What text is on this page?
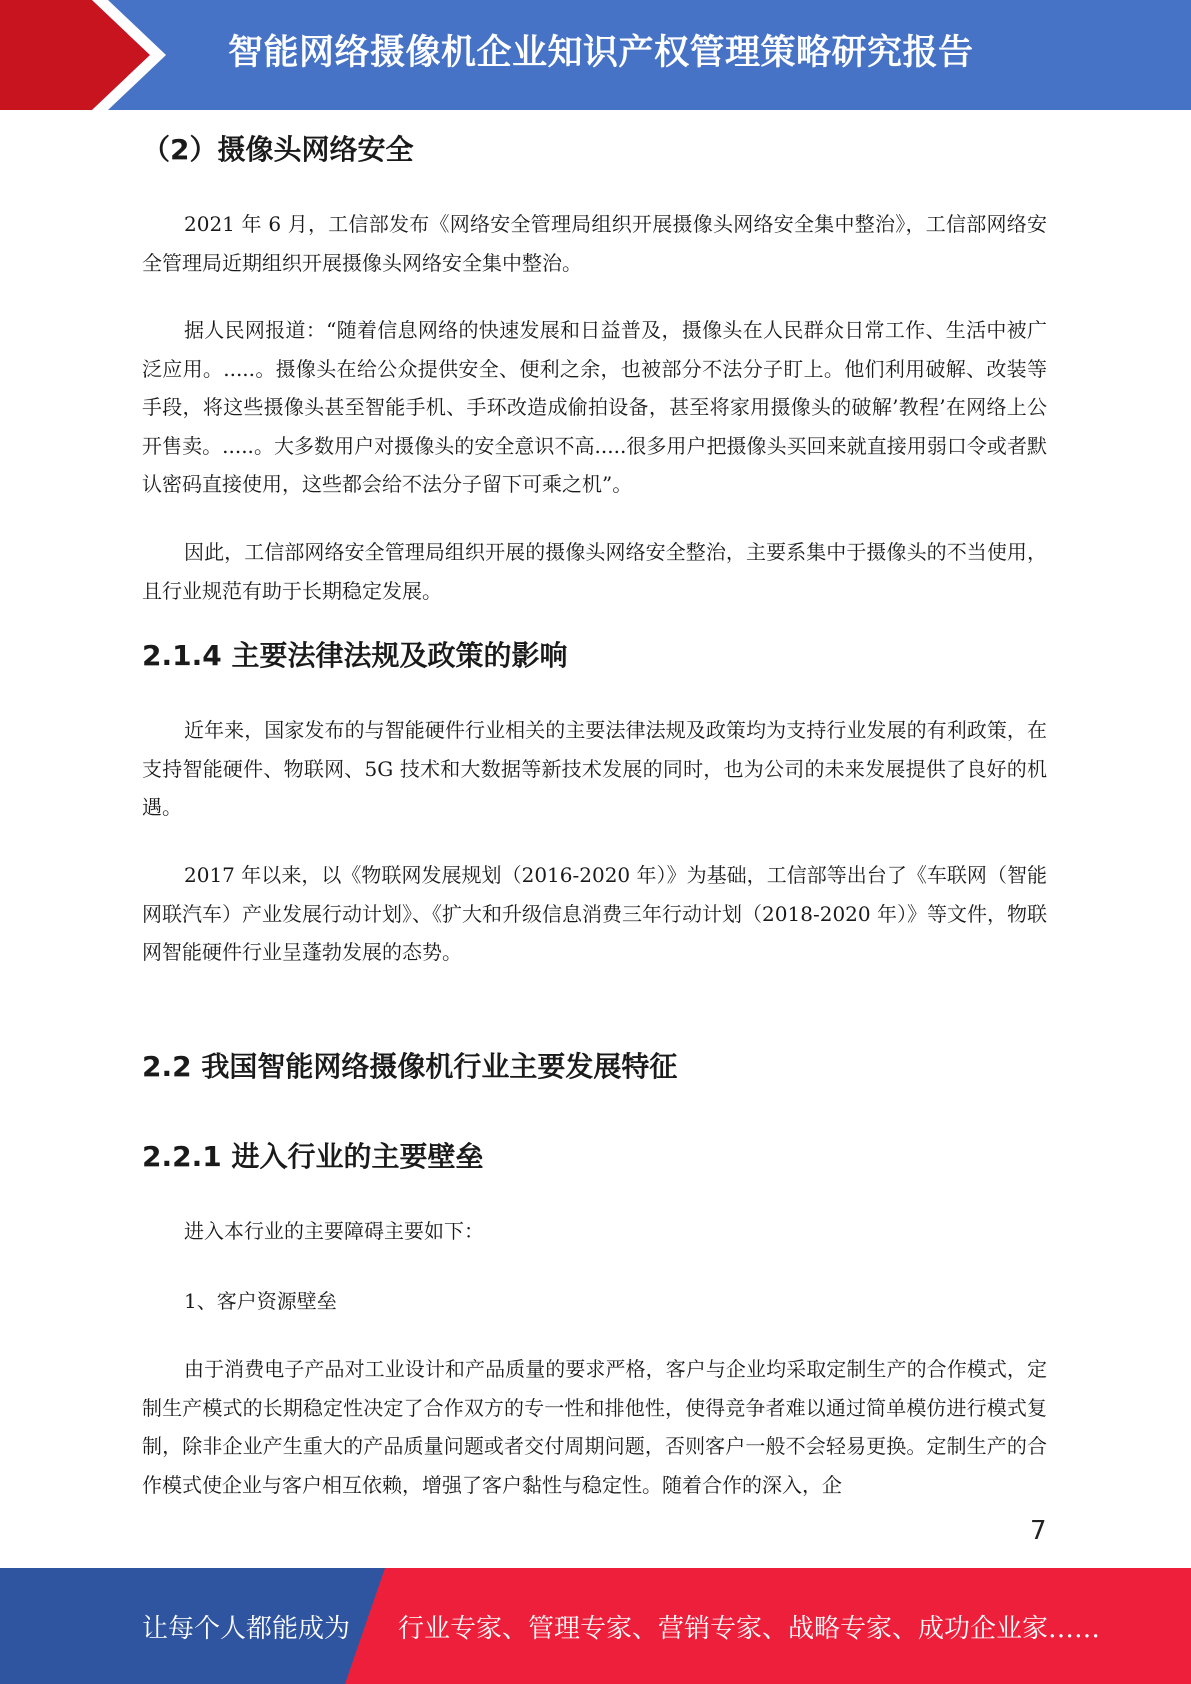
智能网络摄像机企业知识产权管理策略研究报告
（2）摄像头网络安全

2021 年 6 月，工信部发布《网络安全管理局组织开展摄像头网络安全集中整治》，工信部网络安全管理局近期组织开展摄像头网络安全集中整治。

据人民网报道：“随着信息网络的快速发展和日益普及，摄像头在人民群众日常工作、生活中被广泛应用。.....。摄像头在给公众提供安全、便利之余，也被部分不法分子盯上。他们利用破解、改装等手段，将这些摄像头甚至智能手机、手环改造成偷拍设备，甚至将家用摄像头的破解’教程’在网络上公开售卖。.....。大多数用户对摄像头的安全意识不高.....很多用户把摄像头买回来就直接用弱口令或者默认密码直接使用，这些都会给不法分子留下可乘之机”。

因此，工信部网络安全管理局组织开展的摄像头网络安全整治，主要系集中于摄像头的不当使用，且行业规范有助于长期稳定发展。

2.1.4 主要法律法规及政策的影响

近年来，国家发布的与智能硬件行业相关的主要法律法规及政策均为支持行业发展的有利政策，在支持智能硬件、物联网、5G 技术和大数据等新技术发展的同时，也为公司的未来发展提供了良好的机遇。

2017 年以来，以《物联网发展规划（2016-2020 年）》为基础，工信部等出台了《车联网（智能网联汽车）产业发展行动计划》、《扩大和升级信息消费三年行动计划（2018-2020 年）》等文件，物联网智能硬件行业呈蓬勃发展的态势。

2.2 我国智能网络摄像机行业主要发展特征
2.2.1 进入行业的主要壁垒

进入本行业的主要障碍主要如下：

1、客户资源壁垒

由于消费电子产品对工业设计和产品质量的要求严格，客户与企业均采取定制生产的合作模式，定制生产模式的长期稳定性决定了合作双方的专一性和排他性，使得竞争者难以通过简单模仿进行模式复制，除非企业产生重大的产品质量问题或者交付周期问题，否则客户一般不会轻易更换。定制生产的合作模式使企业与客户相互依赖，增强了客户黏性与稳定性。随着合作的深入，企

7
让每个人都能成为 行业专家、管理专家、营销专家、战略专家、成功企业家……
